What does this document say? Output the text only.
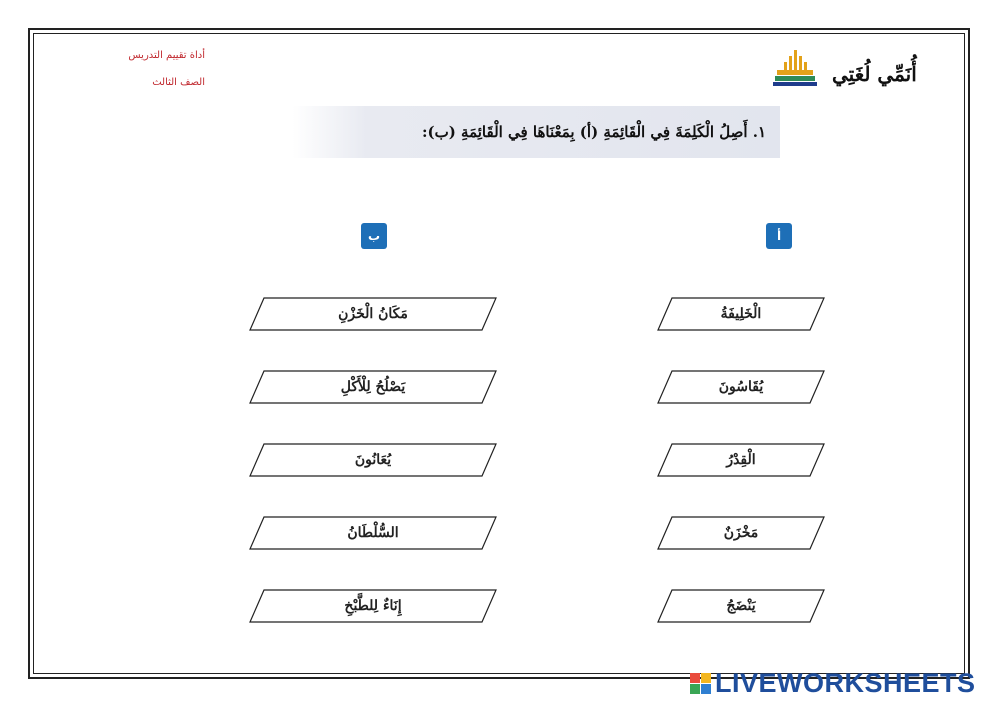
أداة تقييم التدريس
الصف الثالث	أُنَمِّي لُغَتِي
١. أَصِلُ الْكَلِمَةَ فِي الْقَائِمَةِ (أ) بِمَعْنَاهَا فِي الْقَائِمَةِ (ب):
ب	أ
مَكَانُ الْخَزْنِ
يَصْلُحُ لِلْأَكْلِ
يُعَانُونَ
السُّلْطَانُ
إِنَاءٌ لِلطَّبْخِ
الْخَلِيفَةُ
يُقَاسُونَ
الْقِدْرُ
مَخْزَنٌ
يَنْضَجُ
LIVEWORKSHEETS
